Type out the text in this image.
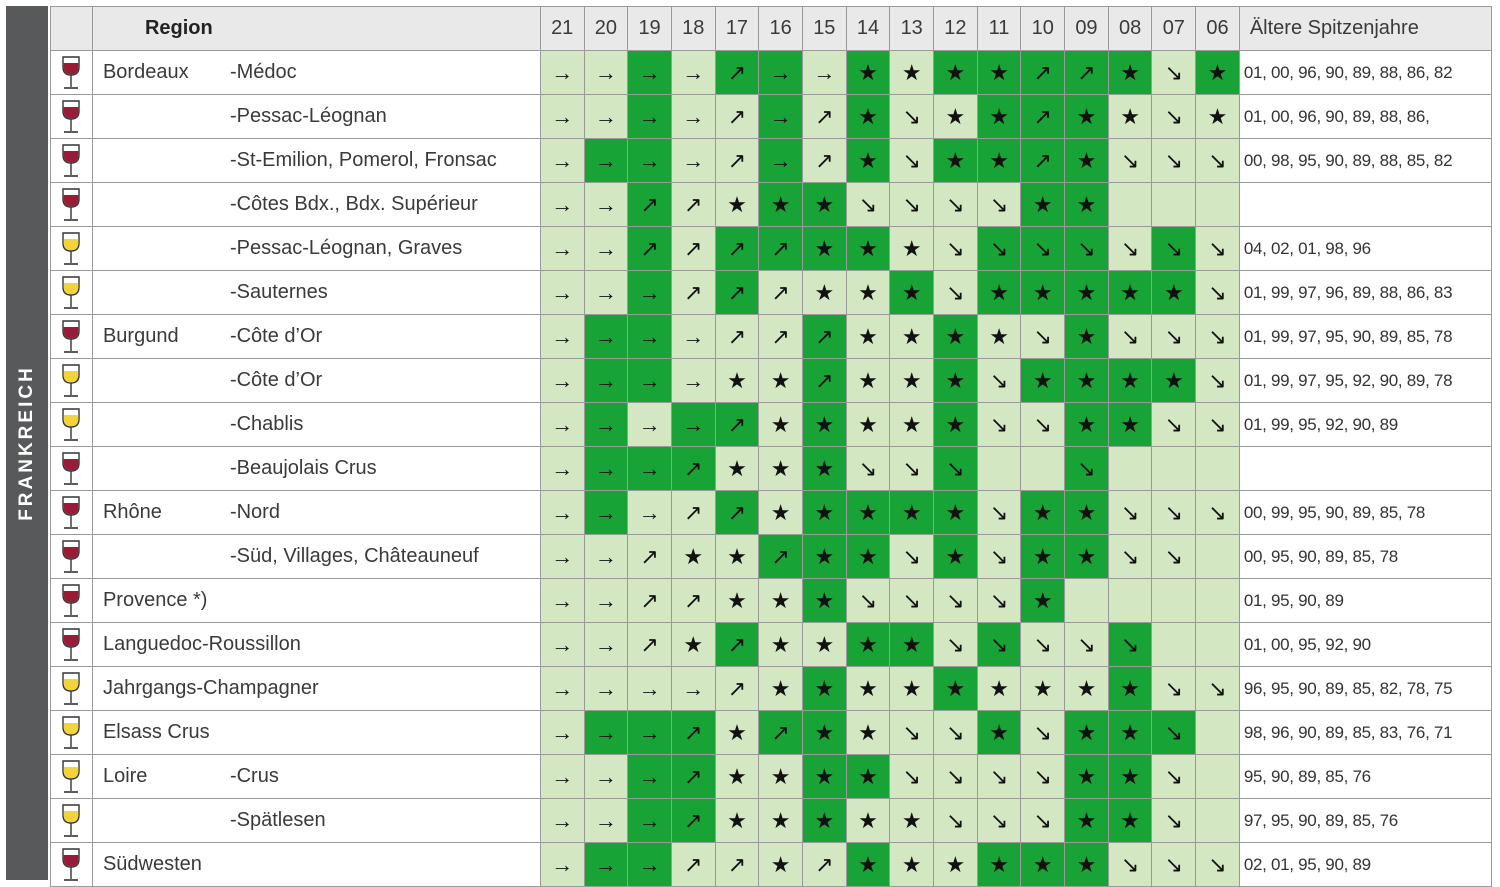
FRANKREICH
	Region	21	20	19	18	17	16	15	14	13	12	11	10	09	08	07	06	Ältere Spitzenjahre

	Bordeaux -Médoc	→	→	→	→	↗	→	→	★	★	★	★	↗	↗	★	↘	★	01, 00, 96, 90, 89, 88, 86, 82

	-Pessac-Léognan	→	→	→	→	↗	→	↗	★	↘	★	★	↗	★	★	↘	★	01, 00, 96, 90, 89, 88, 86,

	-St-Emilion, Pomerol, Fronsac	→	→	→	→	↗	→	↗	★	↘	★	★	↗	★	↘	↘	↘	00, 98, 95, 90, 89, 88, 85, 82

	-Côtes Bdx., Bdx. Supérieur	→	→	↗	↗	★	★	★	↘	↘	↘	↘	★	★				

	-Pessac-Léognan, Graves	→	→	↗	↗	↗	↗	★	★	★	↘	↘	↘	↘	↘	↘	↘	04, 02, 01, 98, 96

	-Sauternes	→	→	→	↗	↗	↗	★	★	★	↘	★	★	★	★	★	↘	01, 99, 97, 96, 89, 88, 86, 83

	Burgund -Côte d’Or	→	→	→	→	↗	↗	↗	★	★	★	★	↘	★	↘	↘	↘	01, 99, 97, 95, 90, 89, 85, 78

	-Côte d’Or	→	→	→	→	★	★	↗	★	★	★	↘	★	★	★	★	↘	01, 99, 97, 95, 92, 90, 89, 78

	-Chablis	→	→	→	→	↗	★	★	★	★	★	↘	↘	★	★	↘	↘	01, 99, 95, 92, 90, 89

	-Beaujolais Crus	→	→	→	↗	★	★	★	↘	↘	↘			↘				

	Rhône -Nord	→	→	→	↗	↗	★	★	★	★	★	↘	★	★	↘	↘	↘	00, 99, 95, 90, 89, 85, 78

	-Süd, Villages, Châteauneuf	→	→	↗	★	★	↗	★	★	↘	★	↘	★	★	↘	↘		00, 95, 90, 89, 85, 78

	Provence *)	→	→	↗	↗	★	★	★	↘	↘	↘	↘	★					01, 95, 90, 89

	Languedoc-Roussillon	→	→	↗	★	↗	★	★	★	★	↘	↘	↘	↘	↘			01, 00, 95, 92, 90

	Jahrgangs-Champagner	→	→	→	→	↗	★	★	★	★	★	★	★	★	★	↘	↘	96, 95, 90, 89, 85, 82, 78, 75

	Elsass Crus	→	→	→	↗	★	↗	★	★	↘	↘	★	↘	★	★	↘		98, 96, 90, 89, 85, 83, 76, 71

	Loire -Crus	→	→	→	↗	★	★	★	★	↘	↘	↘	↘	★	★	↘		95, 90, 89, 85, 76

	-Spätlesen	→	→	→	↗	★	★	★	★	★	↘	↘	↘	★	★	↘		97, 95, 90, 89, 85, 76

	Südwesten	→	→	→	↗	↗	★	↗	★	★	★	★	★	★	↘	↘	↘	02, 01, 95, 90, 89
